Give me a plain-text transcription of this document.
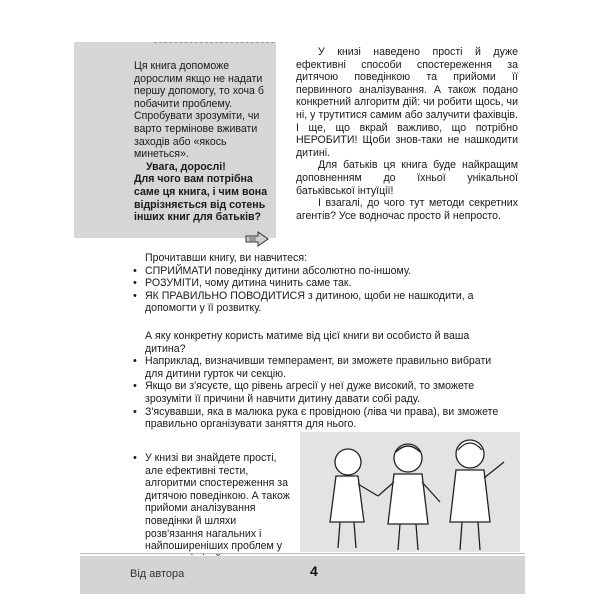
Ця книга допоможе дорослим якщо не надати першу допомогу, то хоча б побачити проблему. Спробувати зрозуміти, чи варто термінове вживати заходів або «якось минеться».

Увага, дорослі!

Для чого вам потрібна саме ця книга, і чим вона відрізняється від сотень інших книг для батьків?

У книзі наведено прості й дуже ефективні способи спостереження за дитячою поведінкою та прийоми її первинного аналізування. А також подано конкретний алгоритм дій: чи робити щось, чи ні, у трутитися самим або залучити фахівців. І ще, що вкрай важливо, що потрібно НЕРОБИТИ! Щоби знов-таки не нашкодити дитині.

Для батьків ця книга буде найкращим доповненням до їхньої унікальної батьківської інтуїції!

І взагалі, до чого тут методи секретних агентів? Усе водночас просто й непросто.

Прочитавши книгу, ви навчитеся:

• СПРИЙМАТИ поведінку дитини абсолютно по-іншому.

• РОЗУМІТИ, чому дитина чинить саме так.

• ЯК ПРАВИЛЬНО ПОВОДИТИСЯ з дитиною, щоби не нашкодити, а допомогти у її розвитку.

А яку конкретну користь матиме від цієї книги ви особисто й ваша дитина?

• Наприклад, визначивши темперамент, ви зможете правильно вибрати для дитини гурток чи секцію.

• Якщо ви з'ясуєте, що рівень агресії у неї дуже високий, то зможете зрозуміти її причини й навчити дитину давати собі раду.

• З'ясувавши, яка в малюка рука є провідною (ліва чи права), ви зможете правильно організувати заняття для нього.

• У книзі ви знайдете прості, але ефективні тести, алгоритми спостереження за дитячою поведінкою. А також прийоми аналізування поведінки й шляхи розв'язання нагальних і найпоширеніших проблем у

Від автора	4
